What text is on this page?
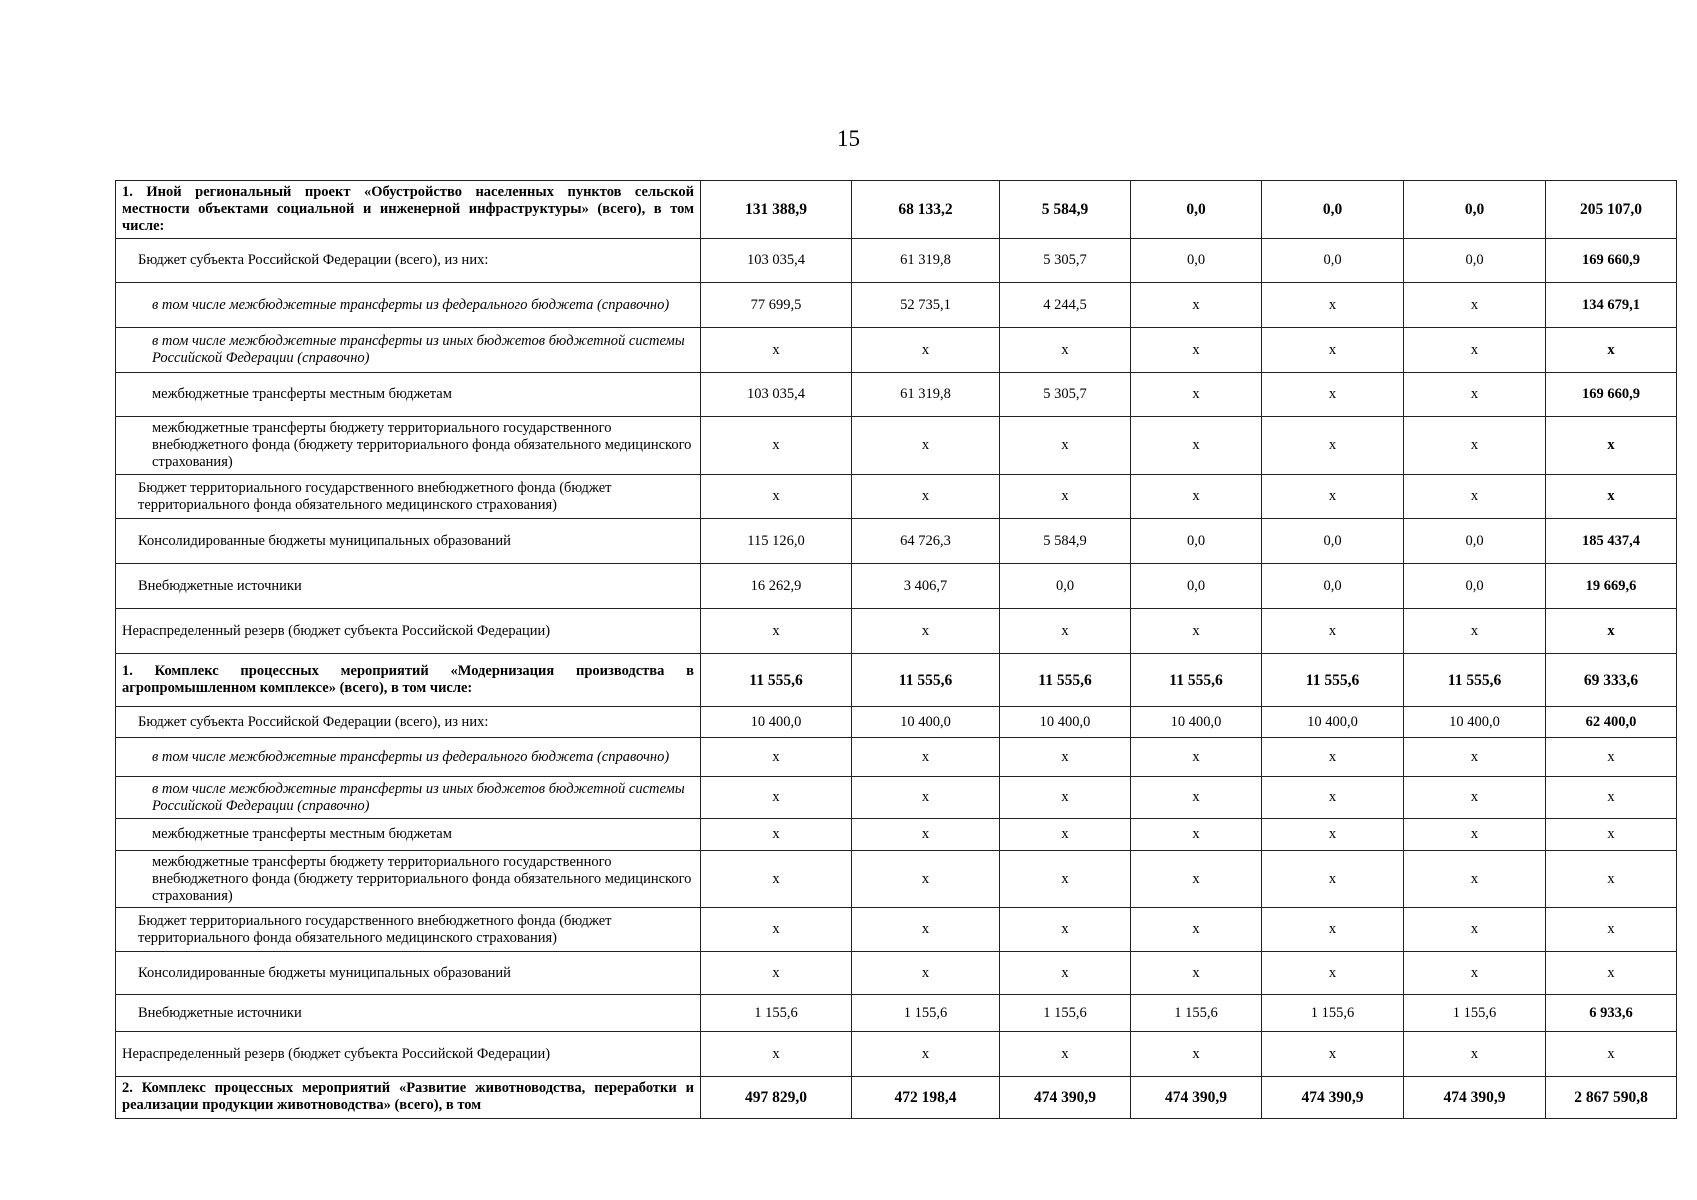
15
1. Иной региональный проект «Обустройство населенных пунктов сельской местности объектами социальной и инженерной инфраструктуры» (всего), в том числе:	131 388,9	68 133,2	5 584,9	0,0	0,0	0,0	205 107,0
Бюджет субъекта Российской Федерации (всего), из них:	103 035,4	61 319,8	5 305,7	0,0	0,0	0,0	169 660,9
в том числе межбюджетные трансферты из федерального бюджета (справочно)	77 699,5	52 735,1	4 244,5	x	x	x	134 679,1
в том числе межбюджетные трансферты из иных бюджетов бюджетной системы Российской Федерации (справочно)	x	x	x	x	x	x	x
межбюджетные трансферты местным бюджетам	103 035,4	61 319,8	5 305,7	x	x	x	169 660,9
межбюджетные трансферты бюджету территориального государственного внебюджетного фонда (бюджету территориального фонда обязательного медицинского страхования)	x	x	x	x	x	x	x
Бюджет территориального государственного внебюджетного фонда (бюджет территориального фонда обязательного медицинского страхования)	x	x	x	x	x	x	x
Консолидированные бюджеты муниципальных образований	115 126,0	64 726,3	5 584,9	0,0	0,0	0,0	185 437,4
Внебюджетные источники	16 262,9	3 406,7	0,0	0,0	0,0	0,0	19 669,6
Нераспределенный резерв (бюджет субъекта Российской Федерации)	x	x	x	x	x	x	x
1. Комплекс процессных мероприятий «Модернизация производства в агропромышленном комплексе» (всего), в том числе:	11 555,6	11 555,6	11 555,6	11 555,6	11 555,6	11 555,6	69 333,6
Бюджет субъекта Российской Федерации (всего), из них:	10 400,0	10 400,0	10 400,0	10 400,0	10 400,0	10 400,0	62 400,0
в том числе межбюджетные трансферты из федерального бюджета (справочно)	x	x	x	x	x	x	x
в том числе межбюджетные трансферты из иных бюджетов бюджетной системы Российской Федерации (справочно)	x	x	x	x	x	x	x
межбюджетные трансферты местным бюджетам	x	x	x	x	x	x	x
межбюджетные трансферты бюджету территориального государственного внебюджетного фонда (бюджету территориального фонда обязательного медицинского страхования)	x	x	x	x	x	x	x
Бюджет территориального государственного внебюджетного фонда (бюджет территориального фонда обязательного медицинского страхования)	x	x	x	x	x	x	x
Консолидированные бюджеты муниципальных образований	x	x	x	x	x	x	x
Внебюджетные источники	1 155,6	1 155,6	1 155,6	1 155,6	1 155,6	1 155,6	6 933,6
Нераспределенный резерв (бюджет субъекта Российской Федерации)	x	x	x	x	x	x	x

2. Комплекс процессных мероприятий «Развитие животноводства, переработки и реализации продукции животноводства» (всего), в том	497 829,0	472 198,4	474 390,9	474 390,9	474 390,9	474 390,9	2 867 590,8
